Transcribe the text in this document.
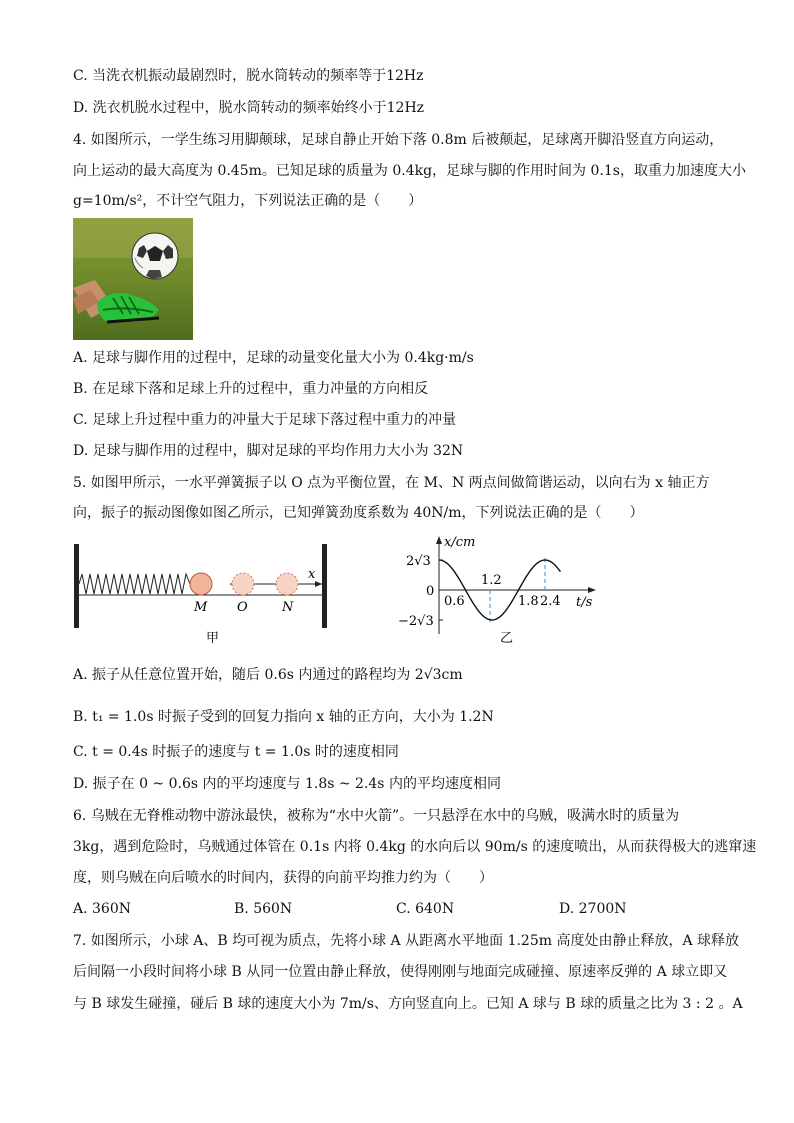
C. 当洗衣机振动最剧烈时，脱水筒转动的频率等于12Hz
D. 洗衣机脱水过程中，脱水筒转动的频率始终小于12Hz
4. 如图所示，一学生练习用脚颠球，足球自静止开始下落 0.8m 后被颠起，足球离开脚沿竖直方向运动，
向上运动的最大高度为 0.45m。已知足球的质量为 0.4kg，足球与脚的作用时间为 0.1s，取重力加速度大小
g=10m/s²，不计空气阻力，下列说法正确的是（　　）
A. 足球与脚作用的过程中，足球的动量变化量大小为 0.4kg·m/s
B. 在足球下落和足球上升的过程中，重力冲量的方向相反
C. 足球上升过程中重力的冲量大于足球下落过程中重力的冲量
D. 足球与脚作用的过程中，脚对足球的平均作用力大小为 32N
5. 如图甲所示，一水平弹簧振子以 O 点为平衡位置，在 M、N 两点间做简谐运动，以向右为 x 轴正方
向，振子的振动图像如图乙所示，已知弹簧劲度系数为 40N/m，下列说法正确的是（　　）
x
M O	N
甲
x/cm
t/s
2√3
−2√3
0
0.6
1.2
1.8 2.4
乙
A. 振子从任意位置开始，随后 0.6s 内通过的路程均为 2√3cm
B. t₁ = 1.0s 时振子受到的回复力指向 x 轴的正方向，大小为 1.2N
C. t = 0.4s 时振子的速度与 t = 1.0s 时的速度相同
D. 振子在 0 ~ 0.6s 内的平均速度与 1.8s ~ 2.4s 内的平均速度相同
6. 乌贼在无脊椎动物中游泳最快，被称为“水中火箭”。一只悬浮在水中的乌贼，吸满水时的质量为
3kg，遇到危险时，乌贼通过体管在 0.1s 内将 0.4kg 的水向后以 90m/s 的速度喷出，从而获得极大的逃窜速
度，则乌贼在向后喷水的时间内，获得的向前平均推力约为（　　）
A. 360N	B. 560N	C. 640N	D. 2700N
7. 如图所示，小球 A、B 均可视为质点，先将小球 A 从距离水平地面 1.25m 高度处由静止释放，A 球释放
后间隔一小段时间将小球 B 从同一位置由静止释放，使得刚刚与地面完成碰撞、原速率反弹的 A 球立即又
与 B 球发生碰撞，碰后 B 球的速度大小为 7m/s、方向竖直向上。已知 A 球与 B 球的质量之比为 3 : 2 。A
